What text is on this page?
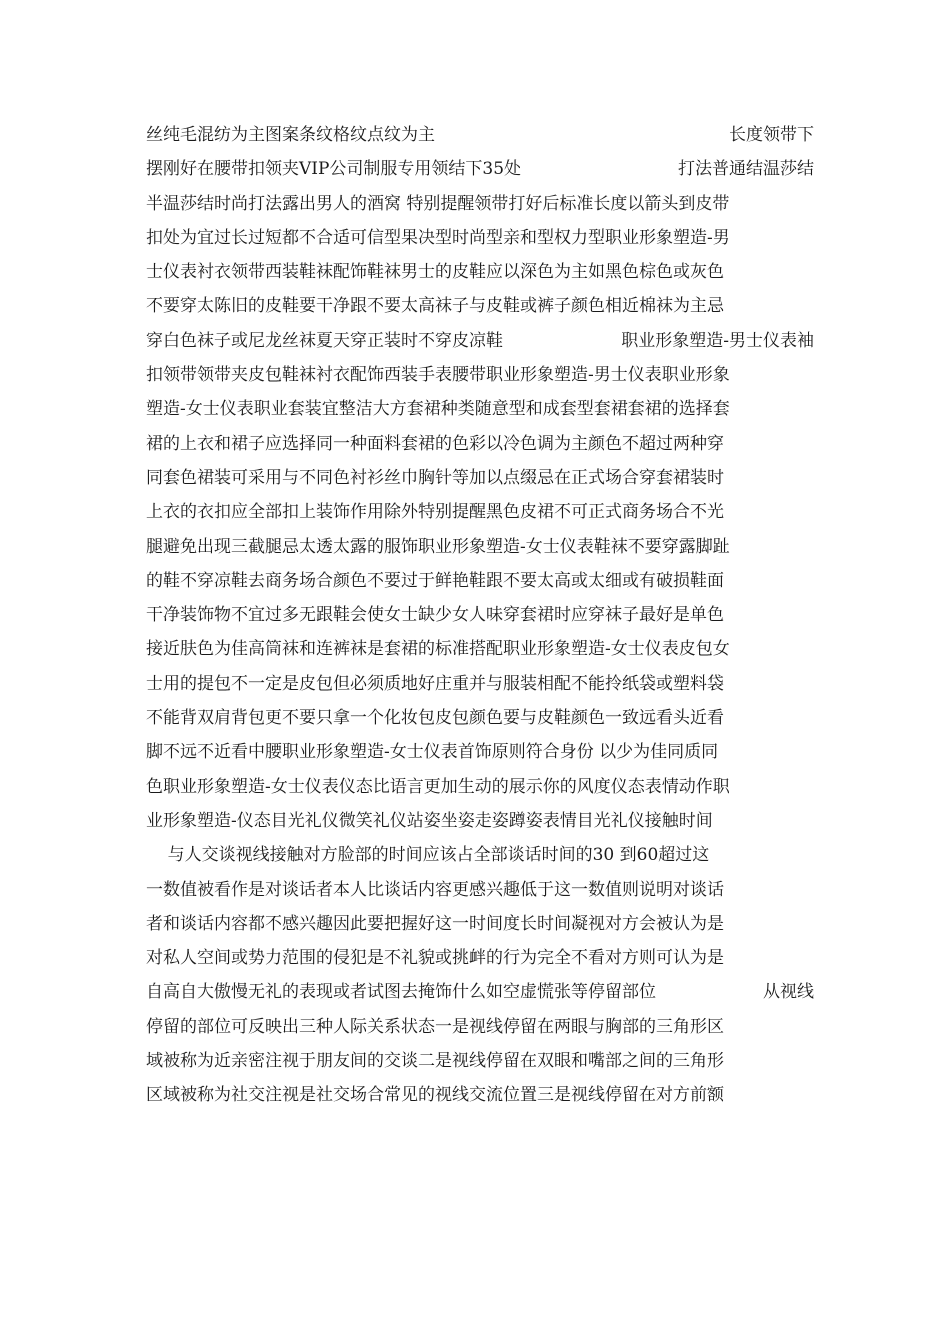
丝纯毛混纺为主图案条纹格纹点纹为主	长度领带下
摆刚好在腰带扣领夹VIP公司制服专用领结下35处	打法普通结温莎结
半温莎结时尚打法露出男人的酒窝 特别提醒领带打好后标准长度以箭头到皮带
扣处为宜过长过短都不合适可信型果决型时尚型亲和型权力型职业形象塑造-男
士仪表衬衣领带西装鞋袜配饰鞋袜男士的皮鞋应以深色为主如黑色棕色或灰色
不要穿太陈旧的皮鞋要干净跟不要太高袜子与皮鞋或裤子颜色相近棉袜为主忌
穿白色袜子或尼龙丝袜夏天穿正装时不穿皮凉鞋	职业形象塑造-男士仪表袖
扣领带领带夹皮包鞋袜衬衣配饰西装手表腰带职业形象塑造-男士仪表职业形象
塑造-女士仪表职业套装宜整洁大方套裙种类随意型和成套型套裙套裙的选择套
裙的上衣和裙子应选择同一种面料套裙的色彩以冷色调为主颜色不超过两种穿
同套色裙装可采用与不同色衬衫丝巾胸针等加以点缀忌在正式场合穿套裙装时
上衣的衣扣应全部扣上装饰作用除外特别提醒黑色皮裙不可正式商务场合不光
腿避免出现三截腿忌太透太露的服饰职业形象塑造-女士仪表鞋袜不要穿露脚趾
的鞋不穿凉鞋去商务场合颜色不要过于鲜艳鞋跟不要太高或太细或有破损鞋面
干净装饰物不宜过多无跟鞋会使女士缺少女人味穿套裙时应穿袜子最好是单色
接近肤色为佳高筒袜和连裤袜是套裙的标准搭配职业形象塑造-女士仪表皮包女
士用的提包不一定是皮包但必须质地好庄重并与服装相配不能拎纸袋或塑料袋
不能背双肩背包更不要只拿一个化妆包皮包颜色要与皮鞋颜色一致远看头近看
脚不远不近看中腰职业形象塑造-女士仪表首饰原则符合身份 以少为佳同质同
色职业形象塑造-女士仪表仪态比语言更加生动的展示你的风度仪态表情动作职
业形象塑造-仪态目光礼仪微笑礼仪站姿坐姿走姿蹲姿表情目光礼仪接触时间
与人交谈视线接触对方脸部的时间应该占全部谈话时间的30 到60超过这
一数值被看作是对谈话者本人比谈话内容更感兴趣低于这一数值则说明对谈话
者和谈话内容都不感兴趣因此要把握好这一时间度长时间凝视对方会被认为是
对私人空间或势力范围的侵犯是不礼貌或挑衅的行为完全不看对方则可认为是
自高自大傲慢无礼的表现或者试图去掩饰什么如空虚慌张等停留部位	从视线
停留的部位可反映出三种人际关系状态一是视线停留在两眼与胸部的三角形区
域被称为近亲密注视于朋友间的交谈二是视线停留在双眼和嘴部之间的三角形
区域被称为社交注视是社交场合常见的视线交流位置三是视线停留在对方前额
